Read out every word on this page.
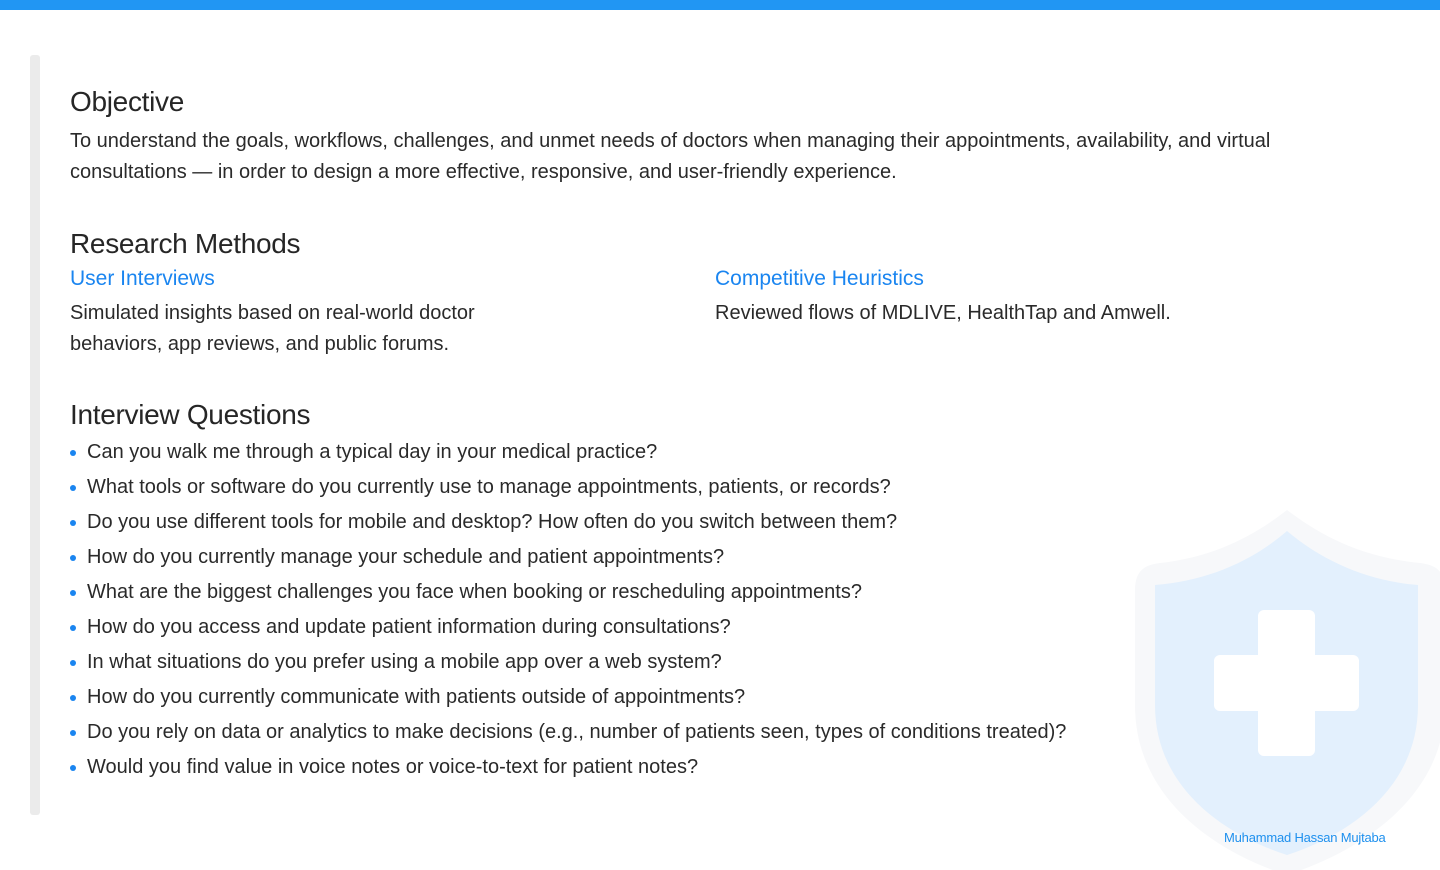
Objective

To understand the goals, workflows, challenges, and unmet needs of doctors when managing their appointments, availability, and virtual consultations — in order to design a more effective, responsive, and user-friendly experience.

Research Methods
User Interviews
Simulated insights based on real-world doctor behaviors, app reviews, and public forums.
Competitive Heuristics
Reviewed flows of MDLIVE, HealthTap and Amwell.
Interview Questions
Can you walk me through a typical day in your medical practice?
What tools or software do you currently use to manage appointments, patients, or records?
Do you use different tools for mobile and desktop? How often do you switch between them?
How do you currently manage your schedule and patient appointments?
What are the biggest challenges you face when booking or rescheduling appointments?
How do you access and update patient information during consultations?
In what situations do you prefer using a mobile app over a web system?
How do you currently communicate with patients outside of appointments?
Do you rely on data or analytics to make decisions (e.g., number of patients seen, types of conditions treated)?
Would you find value in voice notes or voice-to-text for patient notes?
Muhammad Hassan Mujtaba
